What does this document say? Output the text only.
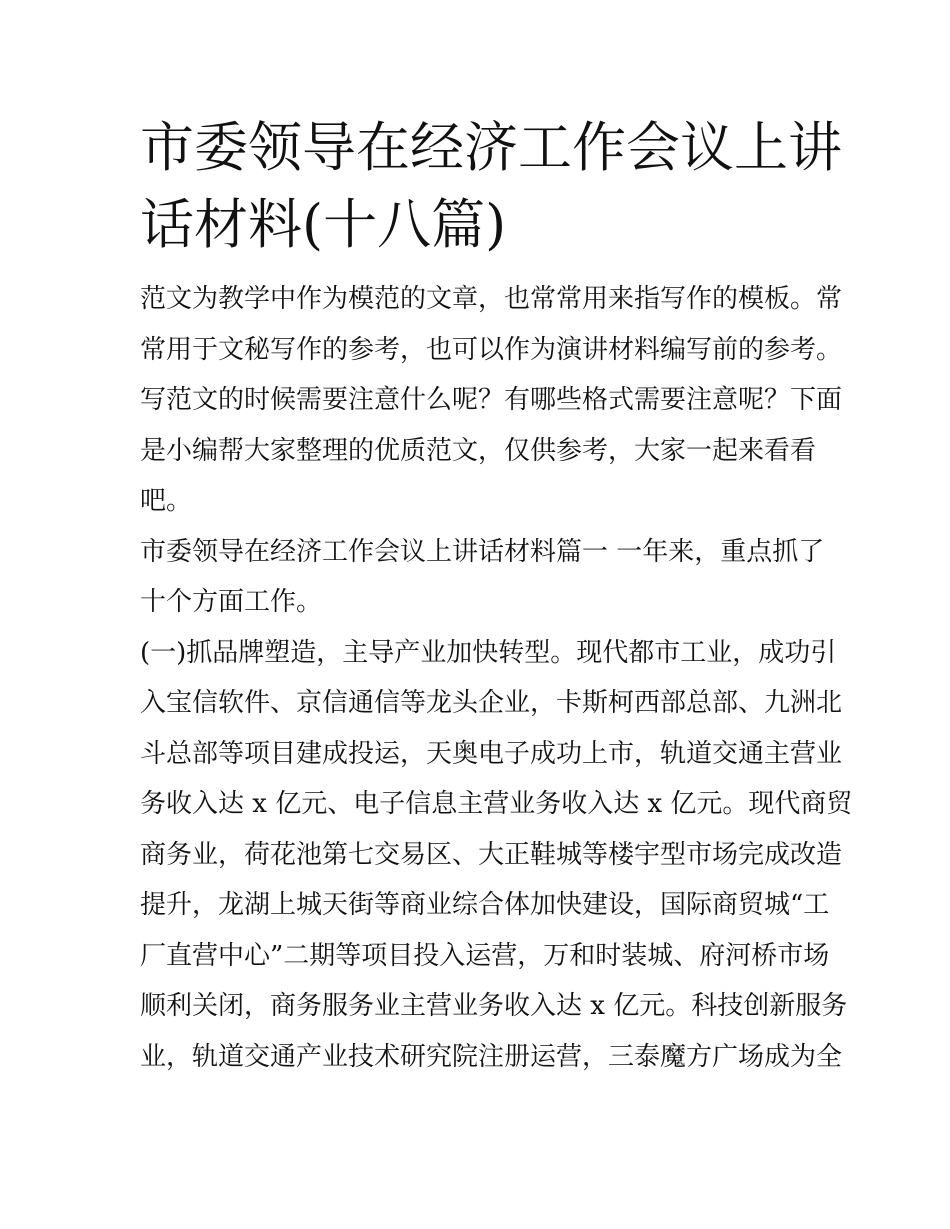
市委领导在经济工作会议上讲
话材料(十八篇)

范文为教学中作为模范的文章，也常常用来指写作的模板。常

常用于文秘写作的参考，也可以作为演讲材料编写前的参考。

写范文的时候需要注意什么呢？有哪些格式需要注意呢？下面

是小编帮大家整理的优质范文，仅供参考，大家一起来看看

吧。

市委领导在经济工作会议上讲话材料篇一 一年来，重点抓了

十个方面工作。

(一)抓品牌塑造，主导产业加快转型。现代都市工业，成功引

入宝信软件、京信通信等龙头企业，卡斯柯西部总部、九洲北

斗总部等项目建成投运，天奥电子成功上市，轨道交通主营业

务收入达 x 亿元、电子信息主营业务收入达 x 亿元。现代商贸

商务业，荷花池第七交易区、大正鞋城等楼宇型市场完成改造

提升，龙湖上城天街等商业综合体加快建设，国际商贸城“工

厂直营中心”二期等项目投入运营，万和时装城、府河桥市场

顺利关闭，商务服务业主营业务收入达 x 亿元。科技创新服务

业，轨道交通产业技术研究院注册运营，三泰魔方广场成为全
